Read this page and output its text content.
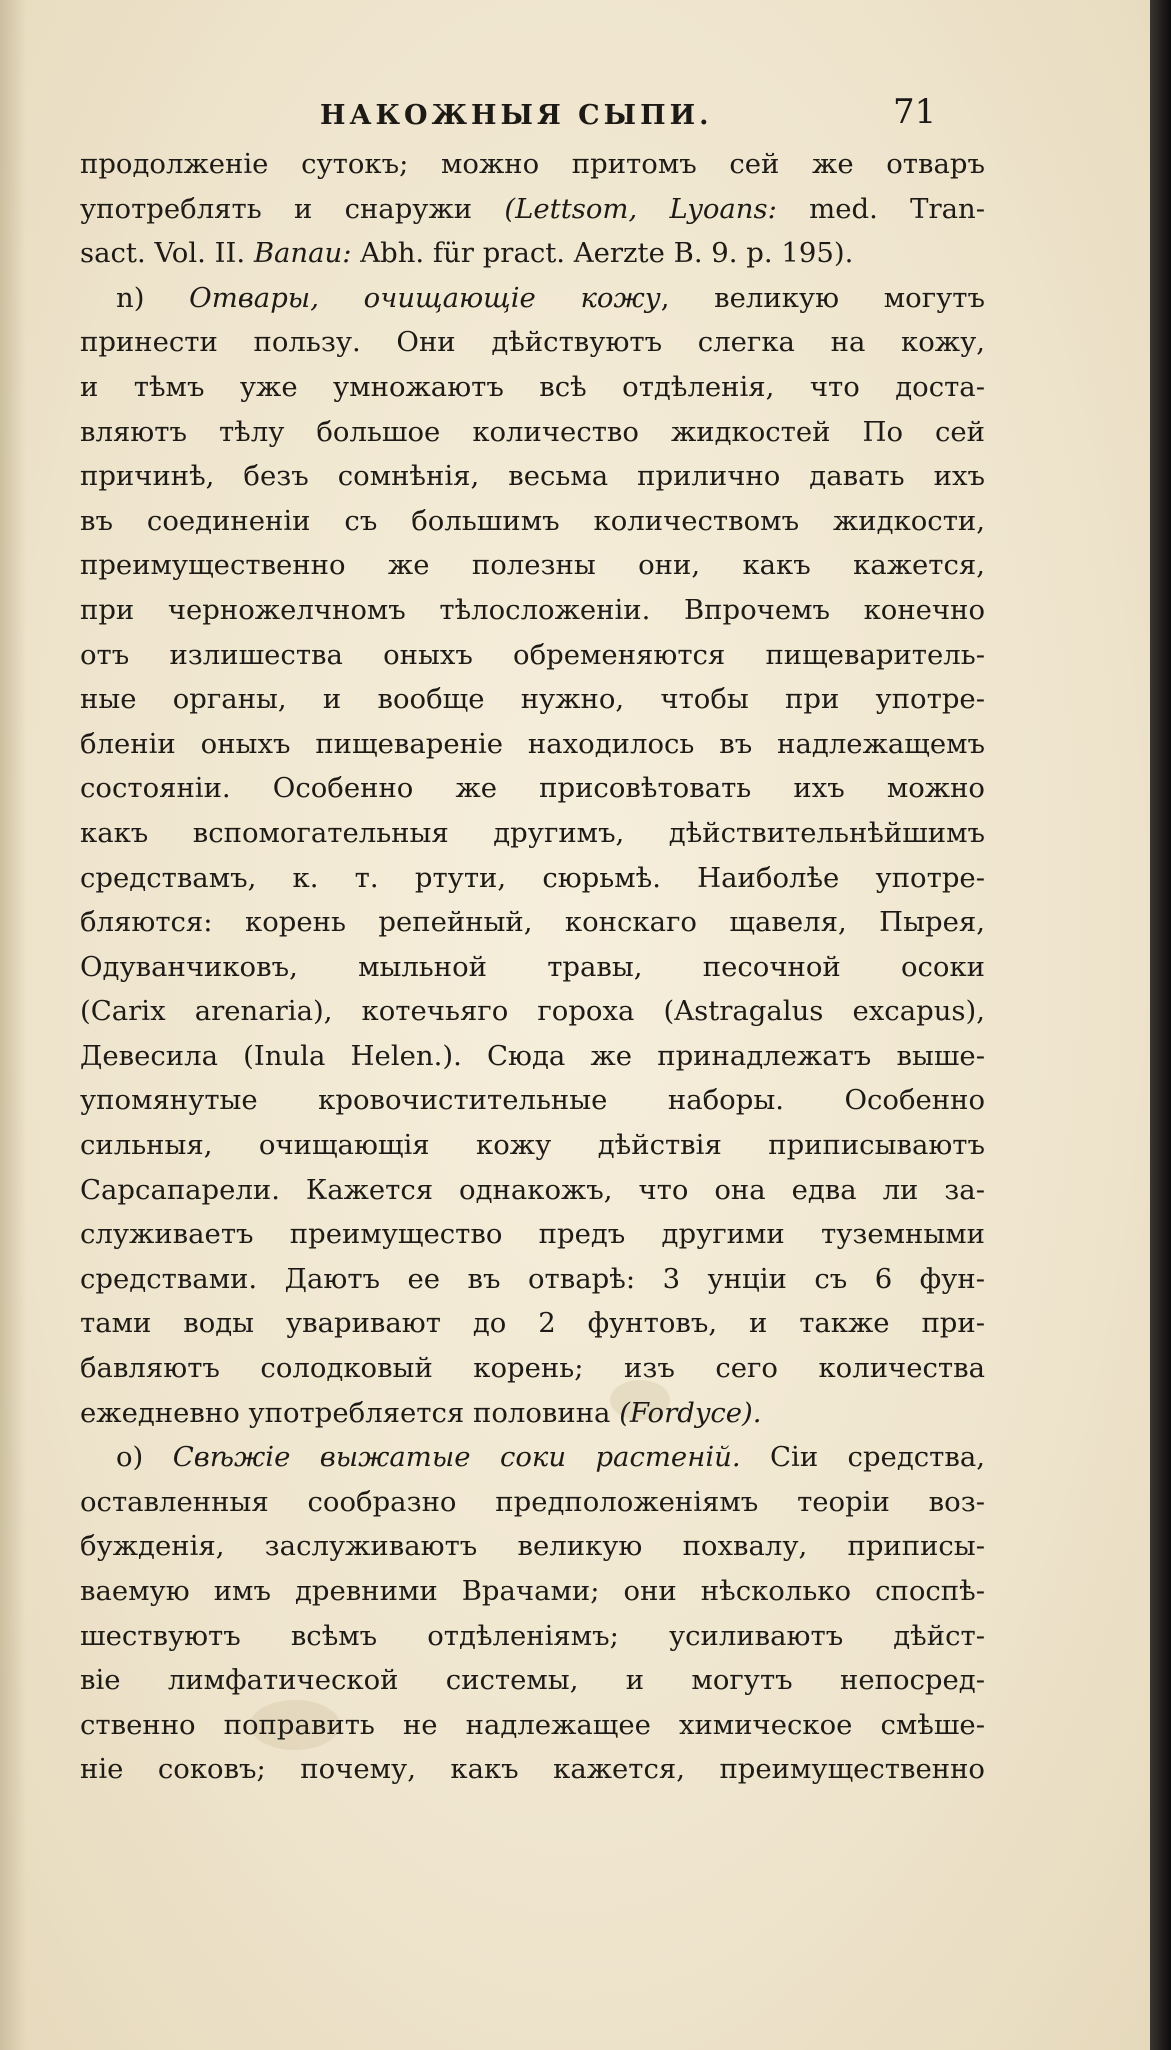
НАКОЖНЫЯ СЫПИ.	71
продолженіе сутокъ; можно притомъ сей же отваръ
употреблять и снаружи (Lettsom, Lyoans: med. Tran-
sact. Vol. II. Banau: Abh. für pract. Aerzte B. 9. p. 195).
n) Отвары, очищающіе кожу, великую могутъ
принести пользу. Они дѣйствуютъ слегка на кожу,
и тѣмъ уже умножаютъ всѣ отдѣленія, что доста-
вляютъ тѣлу большое количество жидкостей По сей
причинѣ, безъ сомнѣнія, весьма прилично давать ихъ
въ соединеніи съ большимъ количествомъ жидкости,
преимущественно же полезны они, какъ кажется,
при черножелчномъ тѣлосложеніи. Впрочемъ конечно
отъ излишества оныхъ обременяются пищеваритель-
ные органы, и вообще нужно, чтобы при употре-
бленіи оныхъ пищевареніе находилось въ надлежащемъ
состояніи. Особенно же присовѣтовать ихъ можно
какъ вспомогательныя другимъ, дѣйствительнѣйшимъ
средствамъ, к. т. ртути, сюрьмѣ. Наиболѣе употре-
бляются: корень репейный, конскаго щавеля, Пырея,
Одуванчиковъ, мыльной травы, песочной осоки
(Carix arenaria), котечьяго гороха (Astragalus excapus),
Девесила (Inula Helen.). Сюда же принадлежатъ выше-
упомянутые кровочистительные наборы. Особенно
сильныя, очищающія кожу дѣйствія приписываютъ
Сарсапарели. Кажется однакожъ, что она едва ли за-
служиваетъ преимущество предъ другими тузeмными
средствами. Даютъ ее въ отварѣ: 3 унціи съ 6 фун-
тами воды уваривают до 2 фунтовъ, и также при-
бавляютъ солодковый корень; изъ сего количества
ежедневно употребляется половина (Fordyce).
o) Свѣжіе выжатые соки растеній. Сіи средства,
оставленныя сообразно предположеніямъ теоріи воз-
бужденія, заслуживаютъ великую похвалу, приписы-
ваемую имъ древними Врачами; они нѣсколько споспѣ-
шествуютъ всѣмъ отдѣленіямъ; усиливаютъ дѣйст-
віе лимфатической системы, и могутъ непосред-
ственно поправить не надлежащее химическое смѣше-
ніе соковъ; почему, какъ кажется, преимущественно
